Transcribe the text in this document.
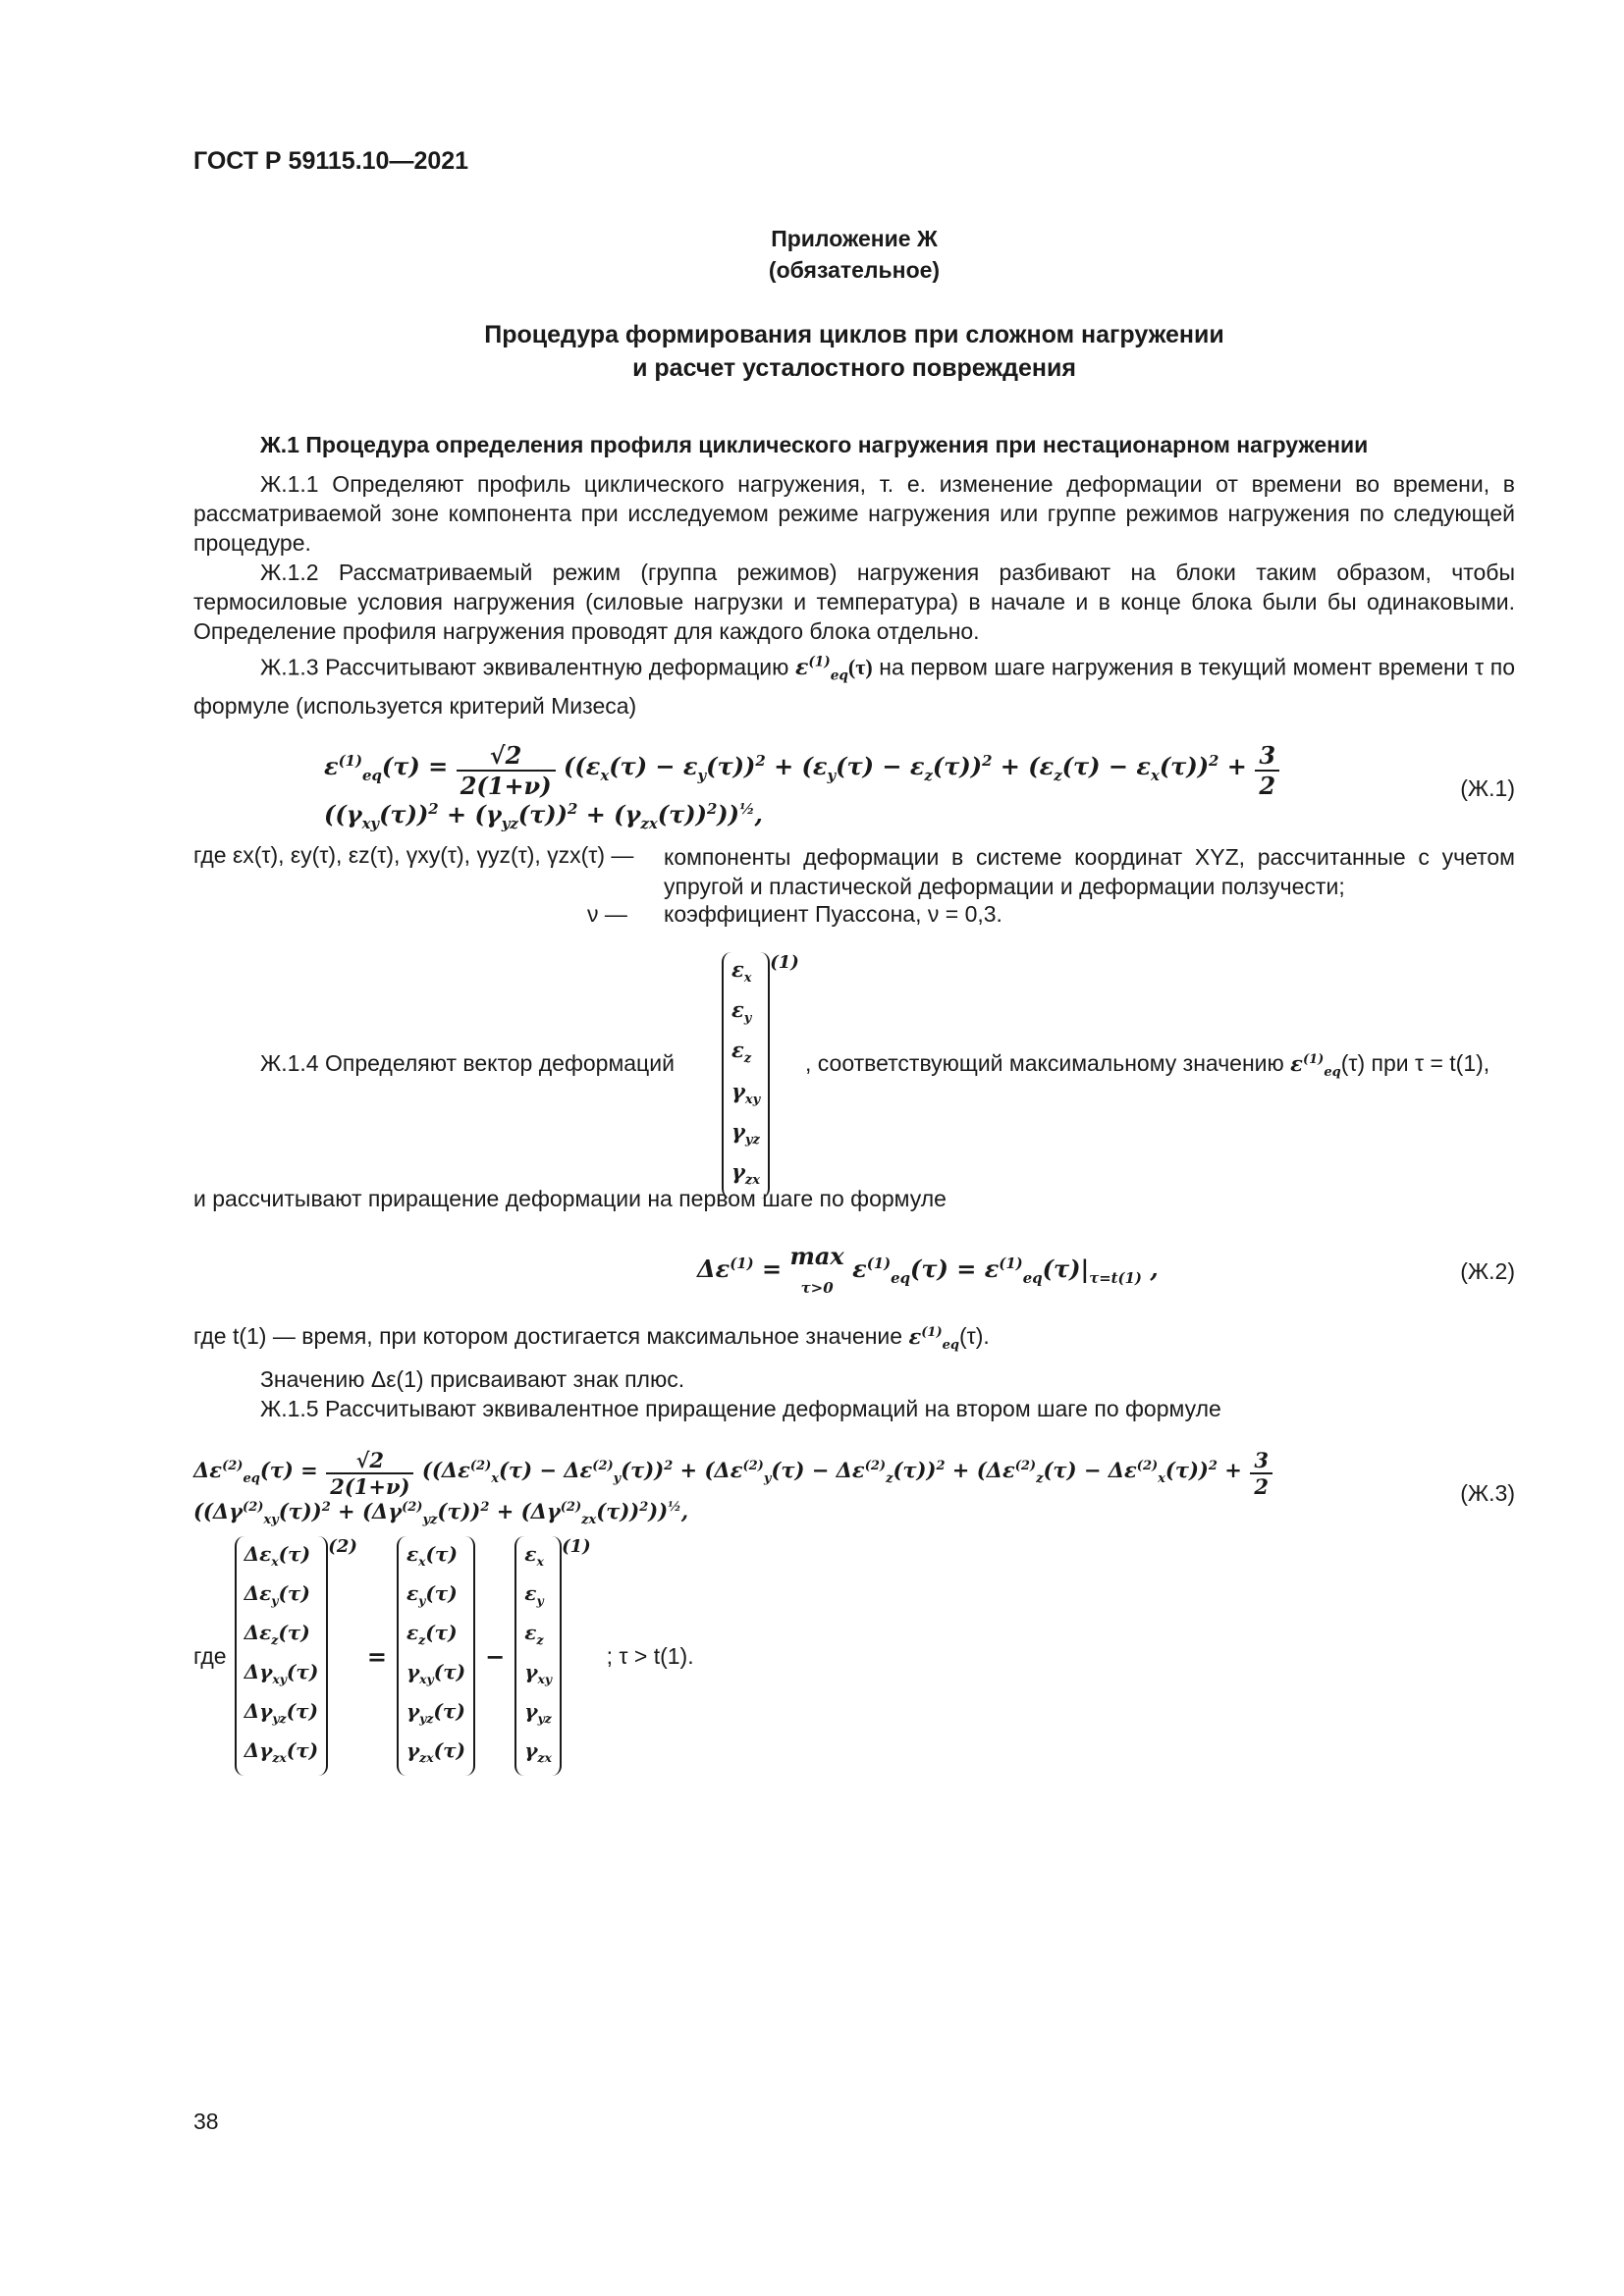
ГОСТ Р 59115.10—2021
Приложение Ж
(обязательное)
Процедура формирования циклов при сложном нагружении
и расчет усталостного повреждения
Ж.1 Процедура определения профиля циклического нагружения при нестационарном нагружении
Ж.1.1 Определяют профиль циклического нагружения, т. е. изменение деформации от времени во времени, в рассматриваемой зоне компонента при исследуемом режиме нагружения или группе режимов нагружения по следующей процедуре.
Ж.1.2 Рассматриваемый режим (группа режимов) нагружения разбивают на блоки таким образом, чтобы термосиловые условия нагружения (силовые нагрузки и температура) в начале и в конце блока были бы одинаковыми. Определение профиля нагружения проводят для каждого блока отдельно.
Ж.1.3 Рассчитывают эквивалентную деформацию $\varepsilon^{(1)}_{eq}(\tau)$ на первом шаге нагружения в текущий момент времени τ по формуле (используется критерий Мизеса)
$\varepsilon^{(1)}_{eq}(\tau) = \frac{√2}{2(1+\nu)} ((\varepsilon_x(\tau) - \varepsilon_y(\tau))^2 + (\varepsilon_y(\tau) - \varepsilon_z(\tau))^2 + (\varepsilon_z(\tau) - \varepsilon_x(\tau))^2 + \frac{3}{2}$
$((\gamma_{xy}(\tau))^2 + (\gamma_{yz}(\tau))^2 + (\gamma_{zx}(\tau))^2))^{\frac{1}{2}}$,
(Ж.1)
где εx(τ), εy(τ), εz(τ), γxy(τ), γyz(τ), γzx(τ) — компоненты деформации в системе координат XYZ, рассчитанные с учетом упругой и пластической деформации и деформации ползучести;
ν — коэффициент Пуассона, ν = 0,3.
Ж.1.4 Определяют вектор деформаций
$\varepsilon_x$
$\varepsilon_y$
$\varepsilon_z$
$\gamma_{xy}$
$\gamma_{yz}$
$\gamma_{zx}$
(1)
, соответствующий максимальному значению $\varepsilon^{(1)}_{eq}(\tau)$ при τ = t(1),
и рассчитывают приращение деформации на первом шаге по формуле
$\Delta\varepsilon^{(1)} = \max$
τ>0 $\varepsilon^{(1)}_{eq}(\tau) = \varepsilon^{(1)}_{eq}(\tau)|_{\tau=t(1)}$ ,	(Ж.2)
где t(1) — время, при котором достигается максимальное значение $\varepsilon^{(1)}_{eq}(\tau)$.
Значению Δε(1) присваивают знак плюс.
Ж.1.5 Рассчитывают эквивалентное приращение деформаций на втором шаге по формуле
$\Delta\varepsilon^{(2)}_{eq}(\tau) = \frac{√2}{2(1+\nu)} ((\Delta\varepsilon^{(2)}_x(\tau) - \Delta\varepsilon^{(2)}_y(\tau))^2 + (\Delta\varepsilon^{(2)}_y(\tau) - \Delta\varepsilon^{(2)}_z(\tau))^2 + (\Delta\varepsilon^{(2)}_z(\tau) - \Delta\varepsilon^{(2)}_x(\tau))^2 + \frac{3}{2}$
$((\Delta\gamma^{(2)}_{xy}(\tau))^2 + (\Delta\gamma^{(2)}_{yz}(\tau))^2 + (\Delta\gamma^{(2)}_{zx}(\tau))^2))^{\frac{1}{2}}$,
(Ж.3)
где
$\Delta\varepsilon_x(\tau)$
$\Delta\varepsilon_y(\tau)$
$\Delta\varepsilon_z(\tau)$
$\Delta\gamma_{xy}(\tau)$
$\Delta\gamma_{yz}(\tau)$
$\Delta\gamma_{zx}(\tau)$
(2)
=
$\varepsilon_x(\tau)$
$\varepsilon_y(\tau)$
$\varepsilon_z(\tau)$
$\gamma_{xy}(\tau)$
$\gamma_{yz}(\tau)$
$\gamma_{zx}(\tau)$
−
$\varepsilon_x$
$\varepsilon_y$
$\varepsilon_z$
$\gamma_{xy}$
$\gamma_{yz}$
$\gamma_{zx}$
(1)
; τ > t(1).
38
